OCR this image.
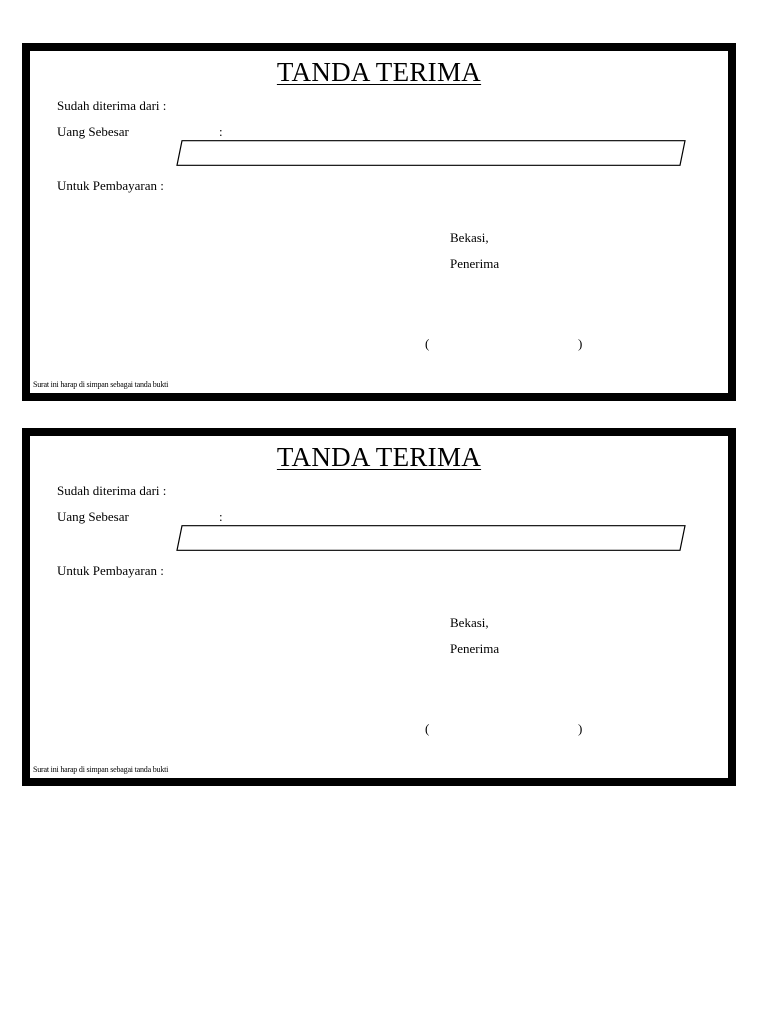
TANDA TERIMA
Sudah diterima dari :
Uang Sebesar	:
Untuk Pembayaran :
Bekasi,
Penerima
(	)
Surat ini harap di simpan sebagai tanda bukti
TANDA TERIMA
Sudah diterima dari :
Uang Sebesar	:
Untuk Pembayaran :
Bekasi,
Penerima
(	)
Surat ini harap di simpan sebagai tanda bukti
